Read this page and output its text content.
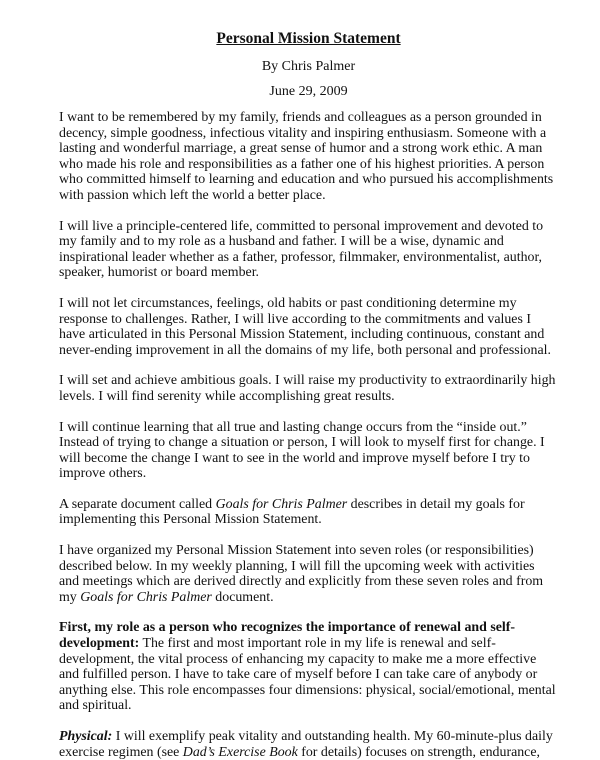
Personal Mission Statement
By Chris Palmer
June 29, 2009

I want to be remembered by my family, friends and colleagues as a person grounded in decency, simple goodness, infectious vitality and inspiring enthusiasm. Someone with a lasting and wonderful marriage, a great sense of humor and a strong work ethic. A man who made his role and responsibilities as a father one of his highest priorities. A person who committed himself to learning and education and who pursued his accomplishments with passion which left the world a better place.

I will live a principle-centered life, committed to personal improvement and devoted to my family and to my role as a husband and father. I will be a wise, dynamic and inspirational leader whether as a father, professor, filmmaker, environmentalist, author, speaker, humorist or board member.

I will not let circumstances, feelings, old habits or past conditioning determine my response to challenges. Rather, I will live according to the commitments and values I have articulated in this Personal Mission Statement, including continuous, constant and never-ending improvement in all the domains of my life, both personal and professional.

I will set and achieve ambitious goals. I will raise my productivity to extraordinarily high levels. I will find serenity while accomplishing great results.

I will continue learning that all true and lasting change occurs from the “inside out.” Instead of trying to change a situation or person, I will look to myself first for change. I will become the change I want to see in the world and improve myself before I try to improve others.

A separate document called Goals for Chris Palmer describes in detail my goals for implementing this Personal Mission Statement.

I have organized my Personal Mission Statement into seven roles (or responsibilities) described below. In my weekly planning, I will fill the upcoming week with activities and meetings which are derived directly and explicitly from these seven roles and from my Goals for Chris Palmer document.

First, my role as a person who recognizes the importance of renewal and self-development: The first and most important role in my life is renewal and self-development, the vital process of enhancing my capacity to make me a more effective and fulfilled person. I have to take care of myself before I can take care of anybody or anything else. This role encompasses four dimensions: physical, social/emotional, mental and spiritual.

Physical: I will exemplify peak vitality and outstanding health. My 60-minute-plus daily exercise regimen (see Dad’s Exercise Book for details) focuses on strength, endurance,
